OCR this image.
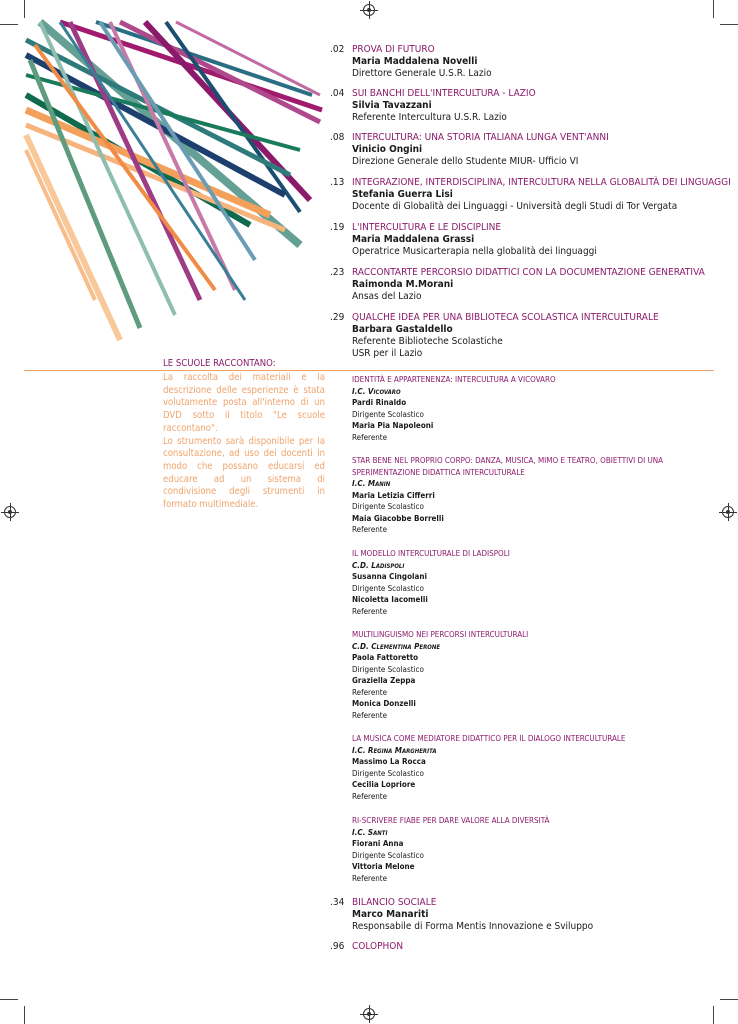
.02 PROVA DI FUTURO
Maria Maddalena Novelli
Direttore Generale U.S.R. Lazio
.04 SUI BANCHI DELL'INTERCULTURA - LAZIO
Silvia Tavazzani
Referente Intercultura U.S.R. Lazio
.08 INTERCULTURA: UNA STORIA ITALIANA LUNGA VENT'ANNI
Vinicio Ongini
Direzione Generale dello Studente MIUR- Ufficio VI
.13 INTEGRAZIONE, INTERDISCIPLINA, INTERCULTURA NELLA GLOBALITÀ DEI LINGUAGGI
Stefania Guerra Lisi
Docente di Globalità dei Linguaggi - Università degli Studi di Tor Vergata
.19 L'INTERCULTURA E LE DISCIPLINE
Maria Maddalena Grassi
Operatrice Musicarterapia nella globalità dei linguaggi
.23 RACCONTARTE PERCORSIO DIDATTICI CON LA DOCUMENTAZIONE GENERATIVA
Raimonda M.Morani
Ansas del Lazio
.29 QUALCHE IDEA PER UNA BIBLIOTECA SCOLASTICA INTERCULTURALE
Barbara Gastaldello
Referente Biblioteche Scolastiche
USR per il Lazio
.34 BILANCIO SOCIALE
Marco Manariti
Responsabile di Forma Mentis Innovazione e Sviluppo
.96 COLOPHON
LE SCUOLE RACCONTANO:

La raccolta dei materiali e la descrizione delle esperienze è stata volutamente posta all'interno di un DVD sotto il titolo "Le scuole raccontano".

Lo strumento sarà disponibile per la consultazione, ad uso dei docenti in modo che possano educarsi ed educare ad un sistema di condivisione degli strumenti in formato multimediale.

IDENTITÀ E APPARTENENZA: INTERCULTURA A VICOVARO
I.C. Vicovaro
Pardi Rinaldo
Dirigente Scolastico
Maria Pia Napoleoni
Referente
STAR BENE NEL PROPRIO CORPO: DANZA, MUSICA, MIMO E TEATRO, OBIETTIVI DI UNA SPERIMENTAZIONE DIDATTICA INTERCULTURALE
I.C. Manin
Maria Letizia Cifferri
Dirigente Scolastico
Maia Giacobbe Borrelli
Referente
IL MODELLO INTERCULTURALE DI LADISPOLI
C.D. Ladispoli
Susanna Cingolani
Dirigente Scolastico
Nicoletta Iacomelli
Referente
MULTILINGUISMO NEI PERCORSI INTERCULTURALI
C.D. Clementina Perone
Paola Fattoretto
Dirigente Scolastico
Graziella Zeppa
Referente
Monica Donzelli
Referente
LA MUSICA COME MEDIATORE DIDATTICO PER IL DIALOGO INTERCULTURALE
I.C. Regina Margherita
Massimo La Rocca
Dirigente Scolastico
Cecilia Lopriore
Referente
RI-SCRIVERE FIABE PER DARE VALORE ALLA DIVERSITÀ
I.C. Santi
Fiorani Anna
Dirigente Scolastico
Vittoria Melone
Referente
